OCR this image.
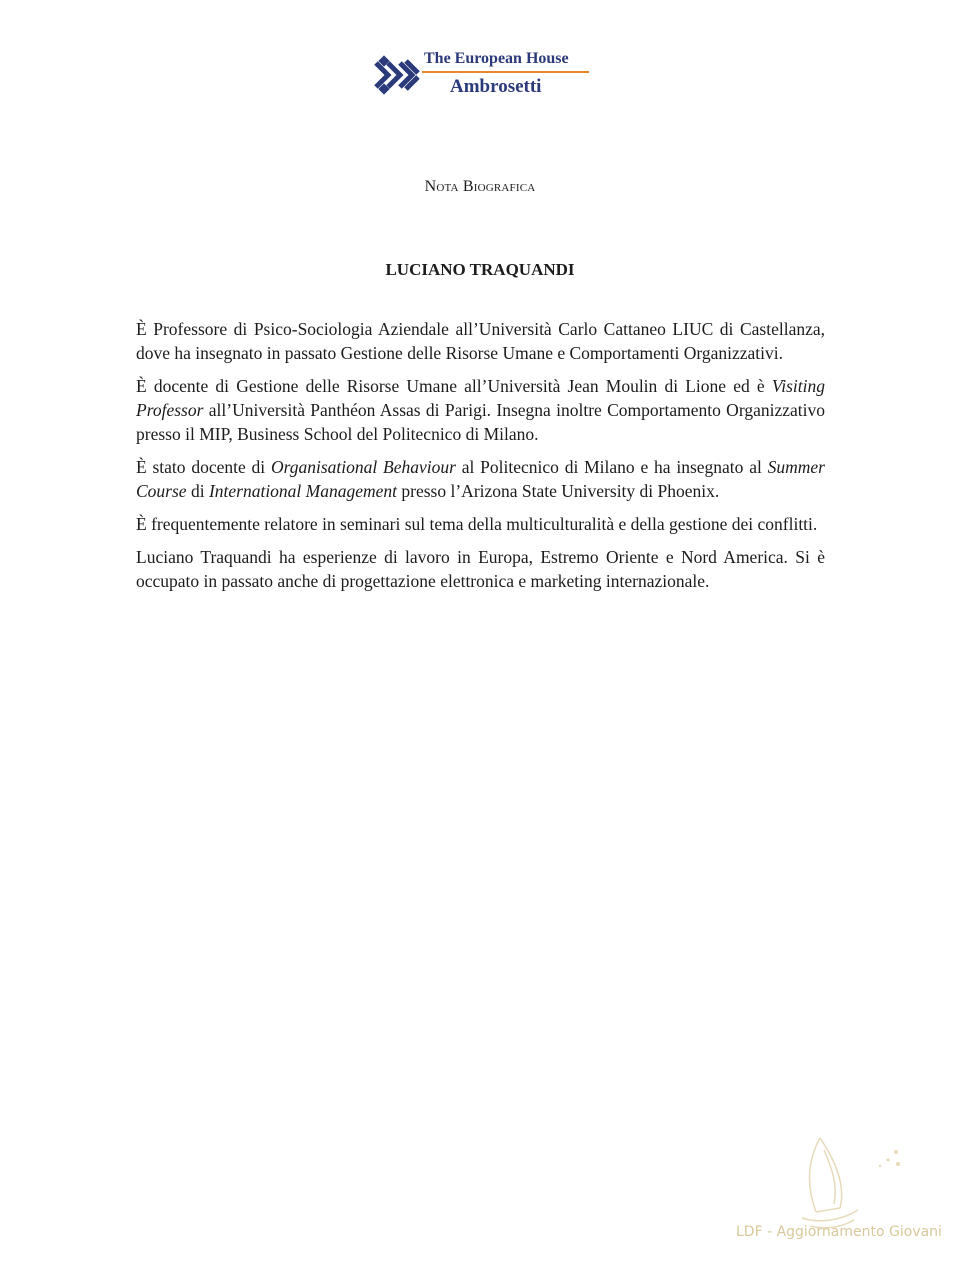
The European House
Ambrosetti
Nota Biografica
LUCIANO TRAQUANDI

È Professore di Psico-Sociologia Aziendale all’Università Carlo Cattaneo LIUC di Castellanza, dove ha insegnato in passato Gestione delle Risorse Umane e Comportamenti Organizzativi.

È docente di Gestione delle Risorse Umane all’Università Jean Moulin di Lione ed è Visiting Professor all’Università Panthéon Assas di Parigi. Insegna inoltre Comportamento Organizzativo presso il MIP, Business School del Politecnico di Milano.

È stato docente di Organisational Behaviour al Politecnico di Milano e ha insegnato al Summer Course di International Management presso l’Arizona State University di Phoenix.

È frequentemente relatore in seminari sul tema della multiculturalità e della gestione dei conflitti.

Luciano Traquandi ha esperienze di lavoro in Europa, Estremo Oriente e Nord America. Si è occupato in passato anche di progettazione elettronica e marketing internazionale.

LDF - Aggiornamento Giovani
